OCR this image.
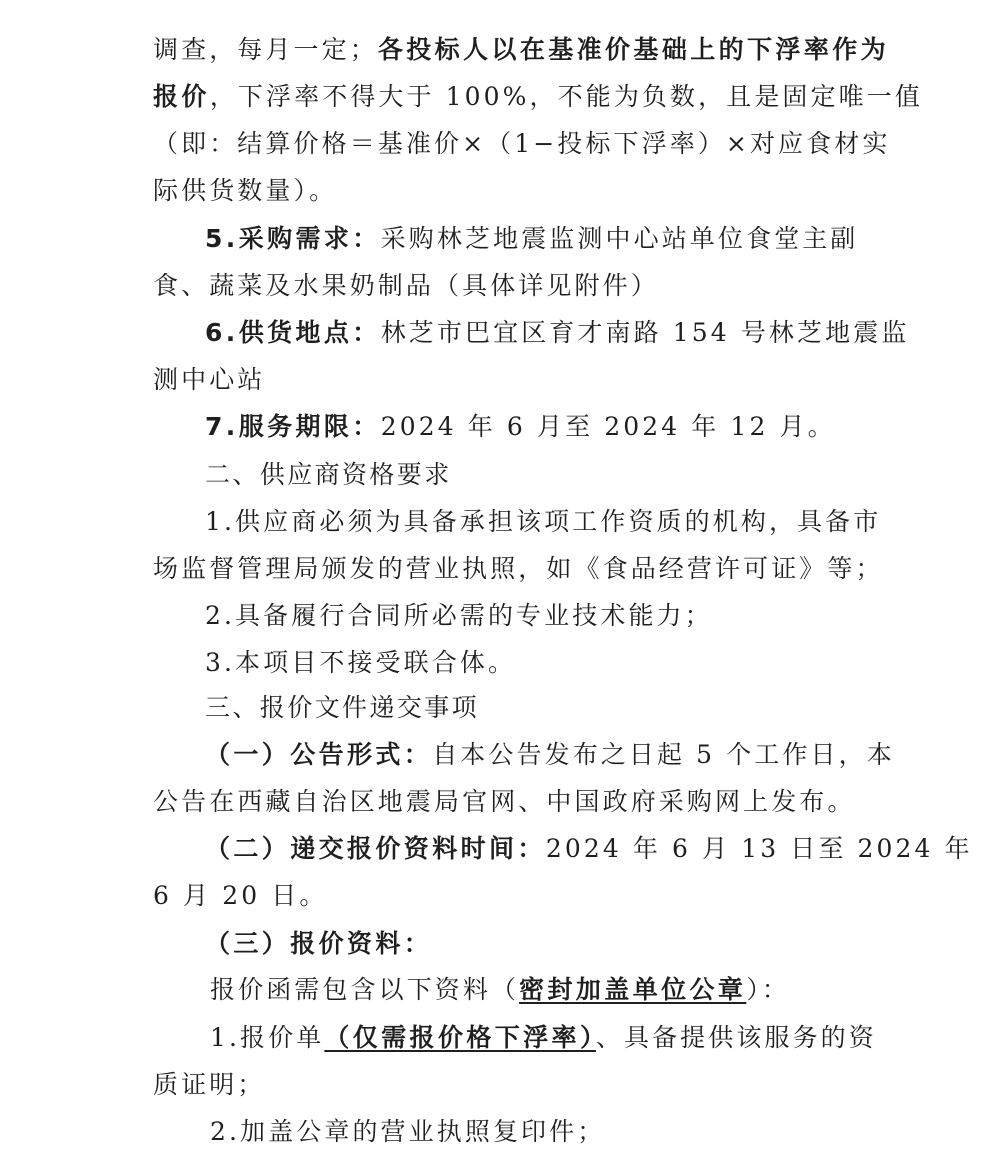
调查，每月一定；各投标人以在基准价基础上的下浮率作为
报价，下浮率不得大于 100%，不能为负数，且是固定唯一值
（即：结算价格＝基准价×（1−投标下浮率）×对应食材实
际供货数量）。
5.采购需求：采购林芝地震监测中心站单位食堂主副
食、蔬菜及水果奶制品（具体详见附件）
6.供货地点：林芝市巴宜区育才南路 154 号林芝地震监
测中心站
7.服务期限：2024 年 6 月至 2024 年 12 月。
二、供应商资格要求
1.供应商必须为具备承担该项工作资质的机构，具备市
场监督管理局颁发的营业执照，如《食品经营许可证》等；
2.具备履行合同所必需的专业技术能力；
3.本项目不接受联合体。
三、报价文件递交事项
（一）公告形式：自本公告发布之日起 5 个工作日，本
公告在西藏自治区地震局官网、中国政府采购网上发布。
（二）递交报价资料时间：2024 年 6 月 13 日至 2024 年
6 月 20 日。
（三）报价资料：
报价函需包含以下资料（密封加盖单位公章）：
1.报价单（仅需报价格下浮率）、具备提供该服务的资
质证明；
2.加盖公章的营业执照复印件；
